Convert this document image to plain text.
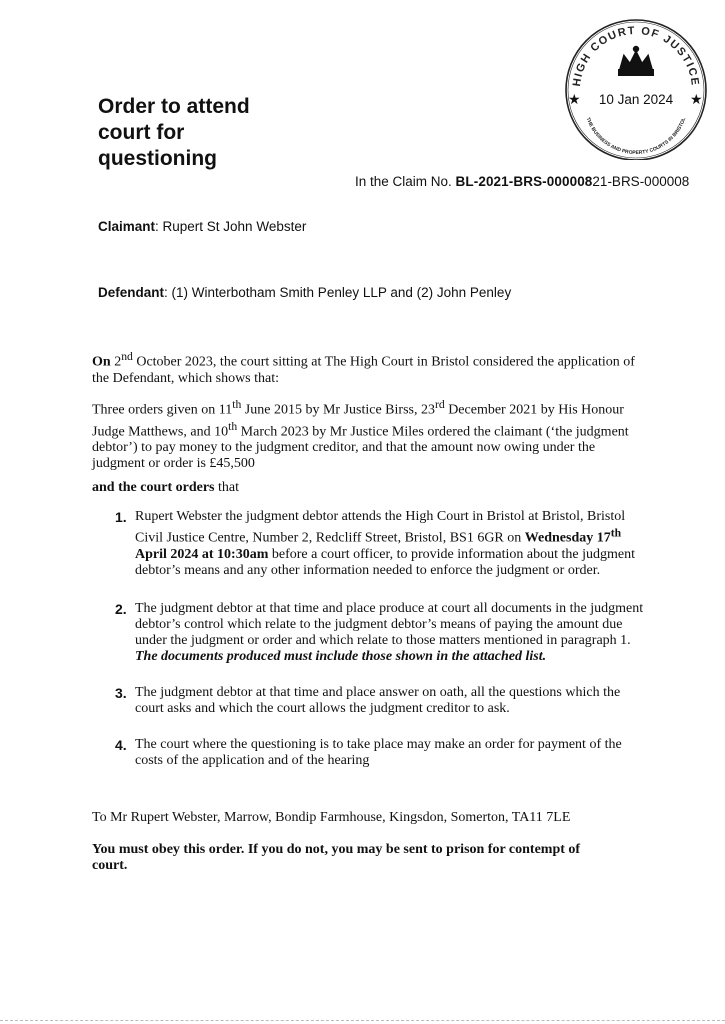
Order to attend court for questioning
HIGH COURT OF JUSTICE
THE BUSINESS AND PROPERTY COURTS IN BRISTOL
★	★
10 Jan 2024
In the Claim No. BL-2021-BRS-00000821-BRS-000008
Claimant: Rupert St John Webster
Defendant: (1) Winterbotham Smith Penley LLP and (2) John Penley

On 2nd October 2023, the court sitting at The High Court in Bristol considered the application of the Defendant, which shows that:

Three orders given on 11th June 2015 by Mr Justice Birss, 23rd December 2021 by His Honour Judge Matthews, and 10th March 2023 by Mr Justice Miles ordered the claimant (‘the judgment debtor’) to pay money to the judgment creditor, and that the amount now owing under the judgment or order is £45,500

and the court orders that

1. Rupert Webster the judgment debtor attends the High Court in Bristol at Bristol, Bristol Civil Justice Centre, Number 2, Redcliff Street, Bristol, BS1 6GR on Wednesday 17th April 2024 at 10:30am before a court officer, to provide information about the judgment debtor’s means and any other information needed to enforce the judgment or order.
2. The judgment debtor at that time and place produce at court all documents in the judgment debtor’s control which relate to the judgment debtor’s means of paying the amount due under the judgment or order and which relate to those matters mentioned in paragraph 1. The documents produced must include those shown in the attached list.
3. The judgment debtor at that time and place answer on oath, all the questions which the court asks and which the court allows the judgment creditor to ask.
4. The court where the questioning is to take place may make an order for payment of the costs of the application and of the hearing

To Mr Rupert Webster, Marrow, Bondip Farmhouse, Kingsdon, Somerton, TA11 7LE

You must obey this order. If you do not, you may be sent to prison for contempt of court.
